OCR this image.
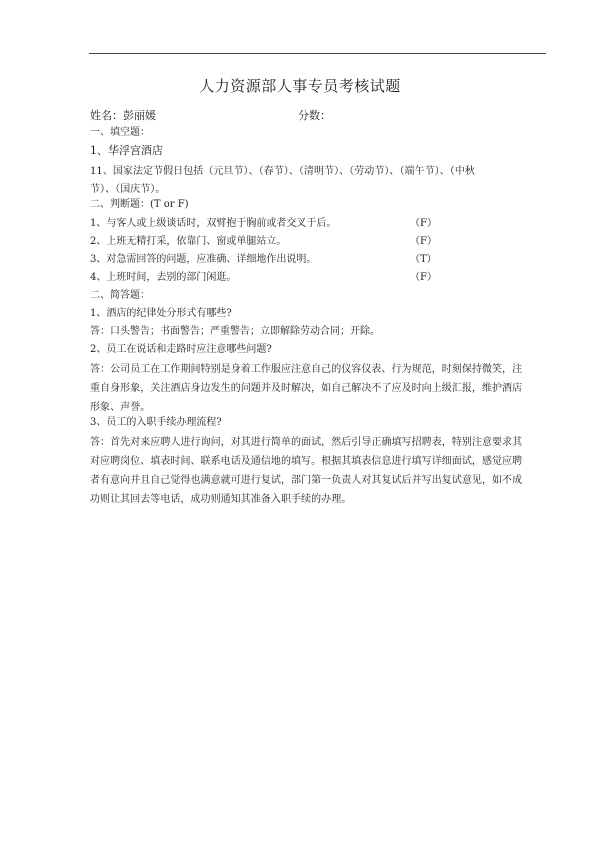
人力资源部人事专员考核试题
姓名：彭丽媛	分数：
一、填空题：
1、华浮宫酒店
11、国家法定节假日包括（元旦节）、（春节）、（清明节）、（劳动节）、（端午节）、（中秋
节）、（国庆节）。
二、判断题：(T or F)
1、与客人或上级谈话时，双臂抱于胸前或者交叉于后。	（F）
2、上班无精打采，依靠门、窗或单腿站立。	（F）
3、对急需回答的问题，应准确、详细地作出说明。	（T）
4、上班时间，去别的部门闲逛。	（F）
二、简答题：
1、酒店的纪律处分形式有哪些?
答：口头警告；书面警告；严重警告；立即解除劳动合同；开除。
2、员工在说话和走路时应注意哪些问题?
答：公司员工在工作期间特别是身着工作服应注意自己的仪容仪表、行为规范，时刻保持微笑，注
重自身形象，关注酒店身边发生的问题并及时解决，如自己解决不了应及时向上级汇报，维护酒店
形象、声誉。
3、员工的入职手续办理流程?
答：首先对来应聘人进行询问，对其进行简单的面试，然后引导正确填写招聘表，特别注意要求其
对应聘岗位、填表时间、联系电话及通信地的填写。根据其填表信息进行填写详细面试，感觉应聘
者有意向并且自己觉得也满意就可进行复试，部门第一负责人对其复试后并写出复试意见，如不成
功则让其回去等电话，成功则通知其准备入职手续的办理。
